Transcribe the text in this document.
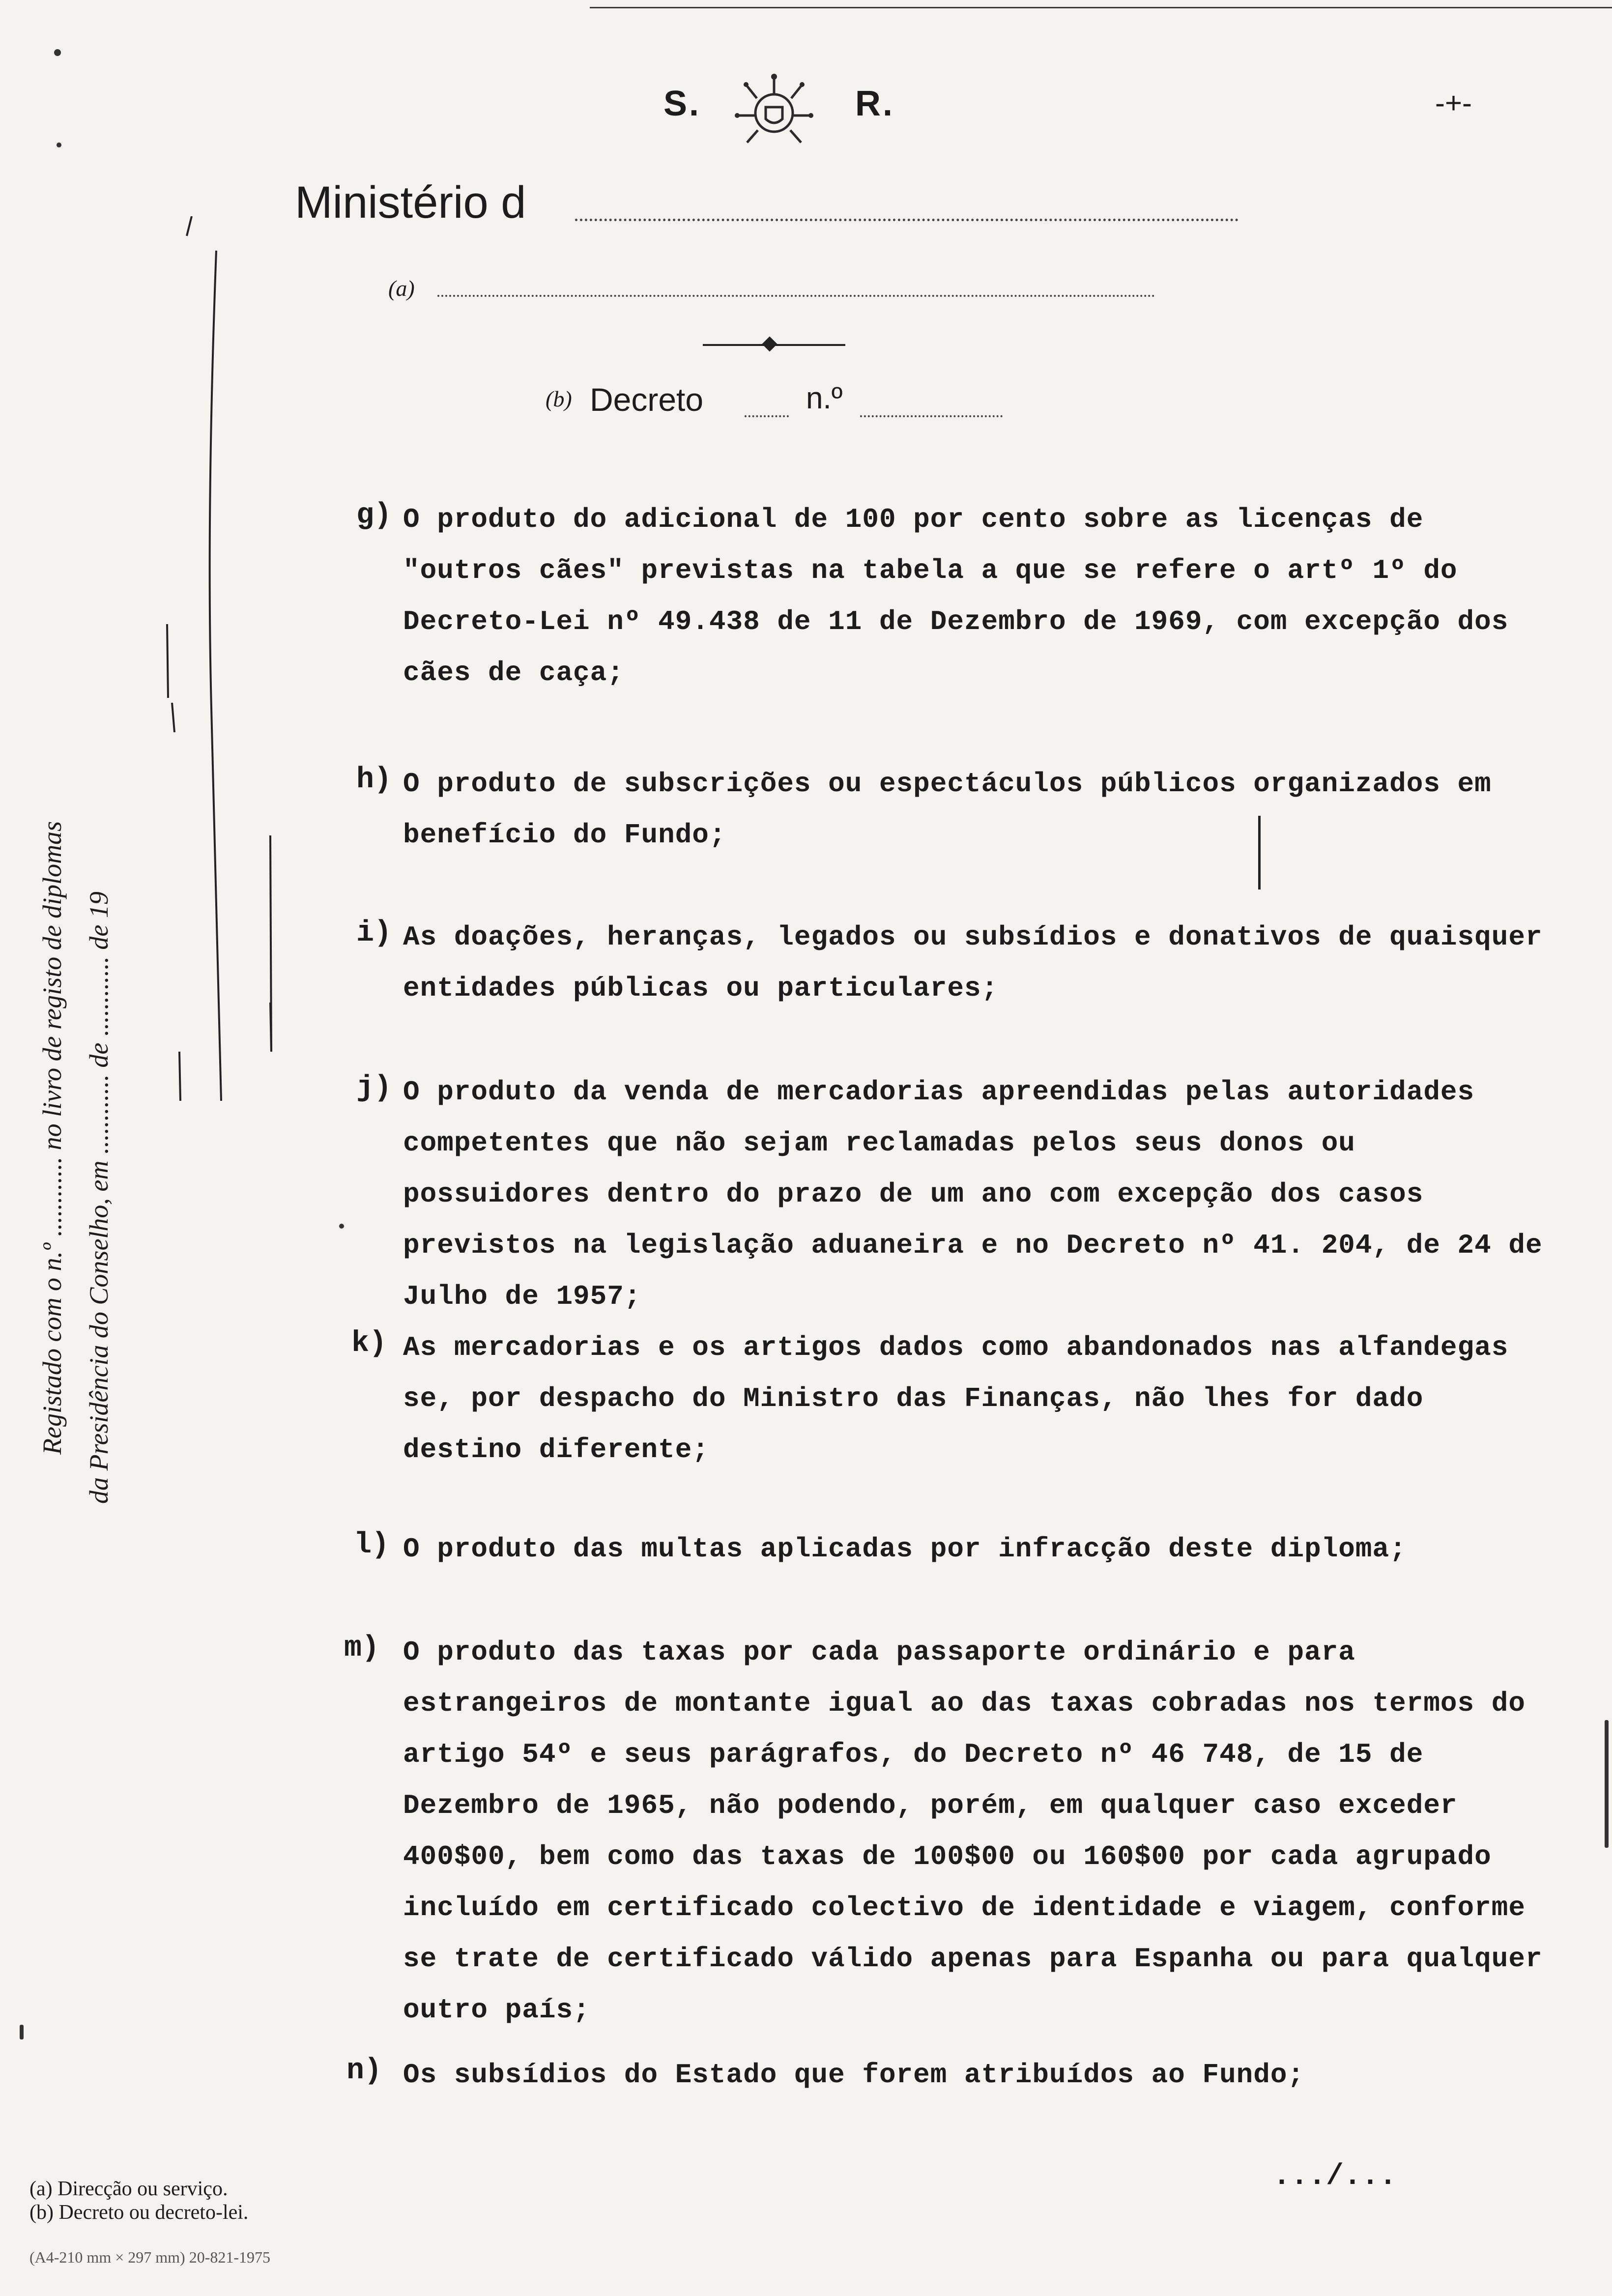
S.	R.	-+-
Ministério d
(a)
(b) Decreto	n.º
Registado com o n.º ............ no livro de registo de diplomas da Presidência do Conselho, em ............ de ............ de 19
g) O produto do adicional de 100 por cento sobre as licenças de "outros cães" previstas na tabela a que se refere o artº 1º do Decreto-Lei nº 49.438 de 11 de Dezembro de 1969, com excepção dos cães de caça;
h) O produto de subscrições ou espectáculos públicos organizados em benefício do Fundo;
i) As doações, heranças, legados ou subsídios e donativos de quaisquer entidades públicas ou particulares;
j) O produto da venda de mercadorias apreendidas pelas autoridades competentes que não sejam reclamadas pelos seus donos ou possuidores dentro do prazo de um ano com excepção dos casos previstos na legislação aduaneira e no Decreto nº 41. 204, de 24 de Julho de 1957;
k) As mercadorias e os artigos dados como abandonados nas alfandegas se, por despacho do Ministro das Finanças, não lhes for dado destino diferente;
l) O produto das multas aplicadas por infracção deste diploma;
m) O produto das taxas por cada passaporte ordinário e para estrangeiros de montante igual ao das taxas cobradas nos termos do artigo 54º e seus parágrafos, do Decreto nº 46 748, de 15 de Dezembro de 1965, não podendo, porém, em qualquer caso exceder 400$00, bem como das taxas de 100$00 ou 160$00 por cada agrupado incluído em certificado colectivo de identidade e viagem, conforme se trate de certificado válido apenas para Espanha ou para qualquer outro país;
n) Os subsídios do Estado que forem atribuídos ao Fundo;
.../...
(a) Direcção ou serviço.
(b) Decreto ou decreto-lei.
(A4-210 mm × 297 mm) 20-821-1975
